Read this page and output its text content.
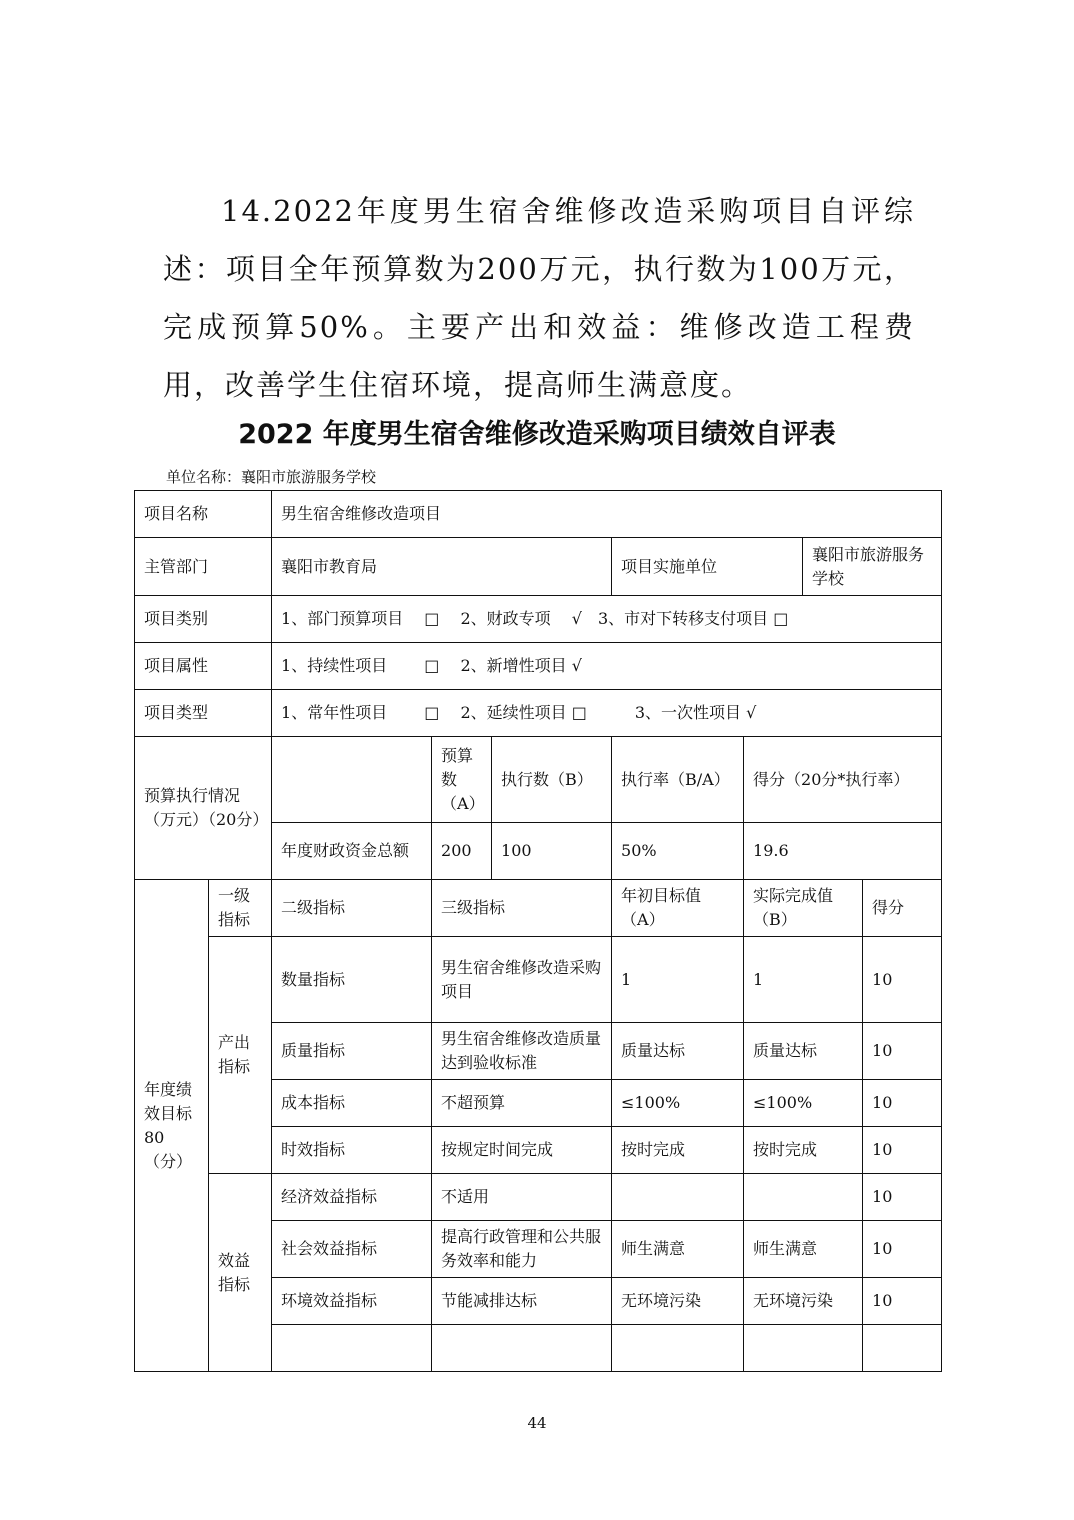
14.2022年度男生宿舍维修改造采购项目自评综述：项目全年预算数为200万元，执行数为100万元，完成预算50%。主要产出和效益：维修改造工程费用，改善学生住宿环境，提高师生满意度。

2022 年度男生宿舍维修改造采购项目绩效自评表

单位名称：襄阳市旅游服务学校

项目名称		男生宿舍维修改造项目						
主管部门		襄阳市教育局			项目实施单位		襄阳市旅游服务学校	
项目类别		1、部门预算项目　 □　 2、财政专项　 √　3、市对下转移支付项目 □						
项目属性		1、持续性项目　　 □　 2、新增性项目 √						
项目类型		1、常年性项目　　 □　 2、延续性项目 □　　　3、一次性项目 √						
预算执行情况（万元）（20分）			预算数（A）	执行数（B）	执行率（B/A）	得分（20分*执行率）		
		年度财政资金总额	200	100	50%	19.6		
年度绩效目标80（分）	一级指标	二级指标	三级指标		年初目标值（A）	实际完成值（B）		得分
	产出指标	数量指标	男生宿舍维修改造采购项目		1	1		10
		质量指标	男生宿舍维修改造质量达到验收标准		质量达标	质量达标		10
		成本指标	不超预算		≤100%	≤100%		10
		时效指标	按规定时间完成		按时完成	按时完成		10
	效益指标	经济效益指标	不适用					10
		社会效益指标	提高行政管理和公共服务效率和能力		师生满意	师生满意		10
		环境效益指标	节能减排达标		无环境污染	无环境污染		10

44
